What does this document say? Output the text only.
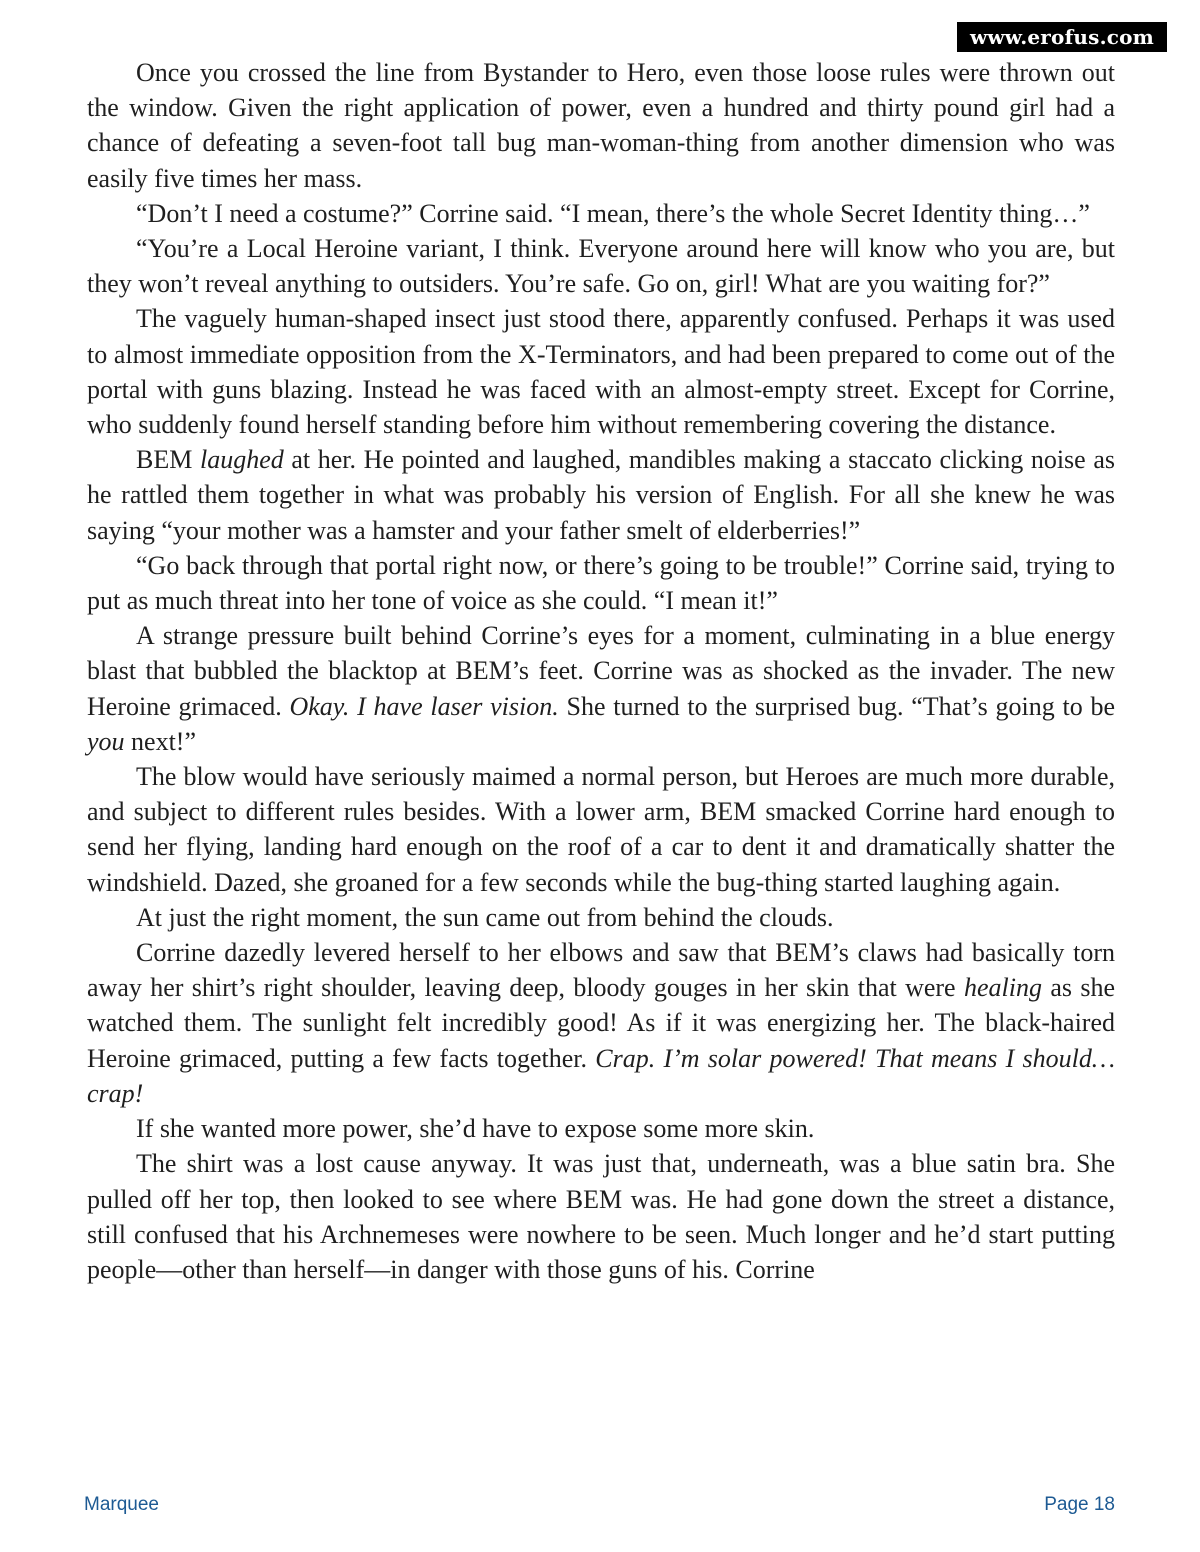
www.erofus.com

Once you crossed the line from Bystander to Hero, even those loose rules were thrown out the window. Given the right application of power, even a hundred and thirty pound girl had a chance of defeating a seven-foot tall bug man-woman-thing from another dimension who was easily five times her mass.

“Don’t I need a costume?” Corrine said. “I mean, there’s the whole Secret Identity thing…”

“You’re a Local Heroine variant, I think. Everyone around here will know who you are, but they won’t reveal anything to outsiders. You’re safe. Go on, girl! What are you waiting for?”

The vaguely human-shaped insect just stood there, apparently confused. Perhaps it was used to almost immediate opposition from the X-Terminators, and had been prepared to come out of the portal with guns blazing. Instead he was faced with an almost-empty street. Except for Corrine, who suddenly found herself standing before him without remembering covering the distance.

BEM laughed at her. He pointed and laughed, mandibles making a staccato clicking noise as he rattled them together in what was probably his version of English. For all she knew he was saying “your mother was a hamster and your father smelt of elderberries!”

“Go back through that portal right now, or there’s going to be trouble!” Corrine said, trying to put as much threat into her tone of voice as she could. “I mean it!”

A strange pressure built behind Corrine’s eyes for a moment, culminating in a blue energy blast that bubbled the blacktop at BEM’s feet. Corrine was as shocked as the invader. The new Heroine grimaced. Okay. I have laser vision. She turned to the surprised bug. “That’s going to be you next!”

The blow would have seriously maimed a normal person, but Heroes are much more durable, and subject to different rules besides. With a lower arm, BEM smacked Corrine hard enough to send her flying, landing hard enough on the roof of a car to dent it and dramatically shatter the windshield. Dazed, she groaned for a few seconds while the bug-thing started laughing again.

At just the right moment, the sun came out from behind the clouds.

Corrine dazedly levered herself to her elbows and saw that BEM’s claws had basically torn away her shirt’s right shoulder, leaving deep, bloody gouges in her skin that were healing as she watched them. The sunlight felt incredibly good! As if it was energizing her. The black-haired Heroine grimaced, putting a few facts together. Crap. I’m solar powered! That means I should… crap!

If she wanted more power, she’d have to expose some more skin.

The shirt was a lost cause anyway. It was just that, underneath, was a blue satin bra. She pulled off her top, then looked to see where BEM was. He had gone down the street a distance, still confused that his Archnemeses were nowhere to be seen. Much longer and he’d start putting people—other than herself—in danger with those guns of his. Corrine

Marquee	Page 18
